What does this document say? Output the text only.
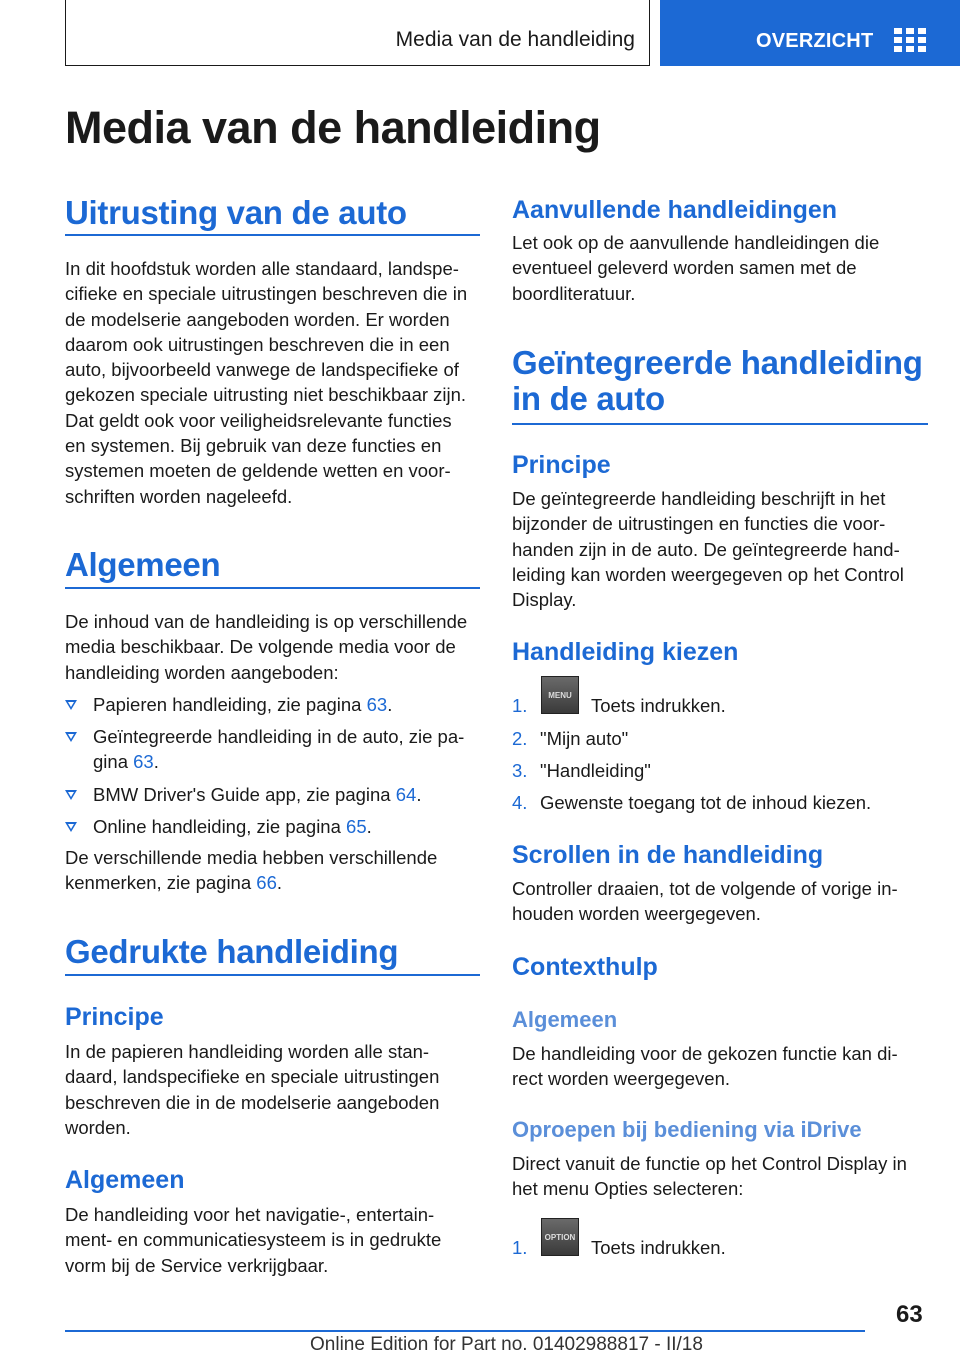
Media van de handleiding	OVERZICHT
Media van de handleiding
Uitrusting van de auto
In dit hoofdstuk worden alle standaard, landspe‐
cifieke en speciale uitrustingen beschreven die in
de modelserie aangeboden worden. Er worden
daarom ook uitrustingen beschreven die in een
auto, bijvoorbeeld vanwege de landspecifieke of
gekozen speciale uitrusting niet beschikbaar zijn.
Dat geldt ook voor veiligheidsrelevante functies
en systemen. Bij gebruik van deze functies en
systemen moeten de geldende wetten en voor‐
schriften worden nageleefd.
Algemeen
De inhoud van de handleiding is op verschillende
media beschikbaar. De volgende media voor de
handleiding worden aangeboden:
Papieren handleiding, zie pagina 63.
Geïntegreerde handleiding in de auto, zie pa‐
gina 63.
BMW Driver's Guide app, zie pagina 64.
Online handleiding, zie pagina 65.
De verschillende media hebben verschillende
kenmerken, zie pagina 66.
Gedrukte handleiding
Principe
In de papieren handleiding worden alle stan‐
daard, landspecifieke en speciale uitrustingen
beschreven die in de modelserie aangeboden
worden.
Algemeen
De handleiding voor het navigatie-, entertain‐
ment- en communicatiesysteem is in gedrukte
vorm bij de Service verkrijgbaar.
Aanvullende handleidingen
Let ook op de aanvullende handleidingen die
eventueel geleverd worden samen met de
boordliteratuur.
Geïntegreerde handleiding
in de auto
Principe
De geïntegreerde handleiding beschrijft in het
bijzonder de uitrustingen en functies die voor‐
handen zijn in de auto. De geïntegreerde hand‐
leiding kan worden weergegeven op het Control
Display.
Handleiding kiezen
1.	MENU	Toets indrukken.
2. "Mijn auto"
3. "Handleiding"
4. Gewenste toegang tot de inhoud kiezen.
Scrollen in de handleiding
Controller draaien, tot de volgende of vorige in‐
houden worden weergegeven.
Contexthulp
Algemeen
De handleiding voor de gekozen functie kan di‐
rect worden weergegeven.
Oproepen bij bediening via iDrive
Direct vanuit de functie op het Control Display in
het menu Opties selecteren:
1.	OPTION Toets indrukken.
63
Online Edition for Part no. 01402988817 - II/18
